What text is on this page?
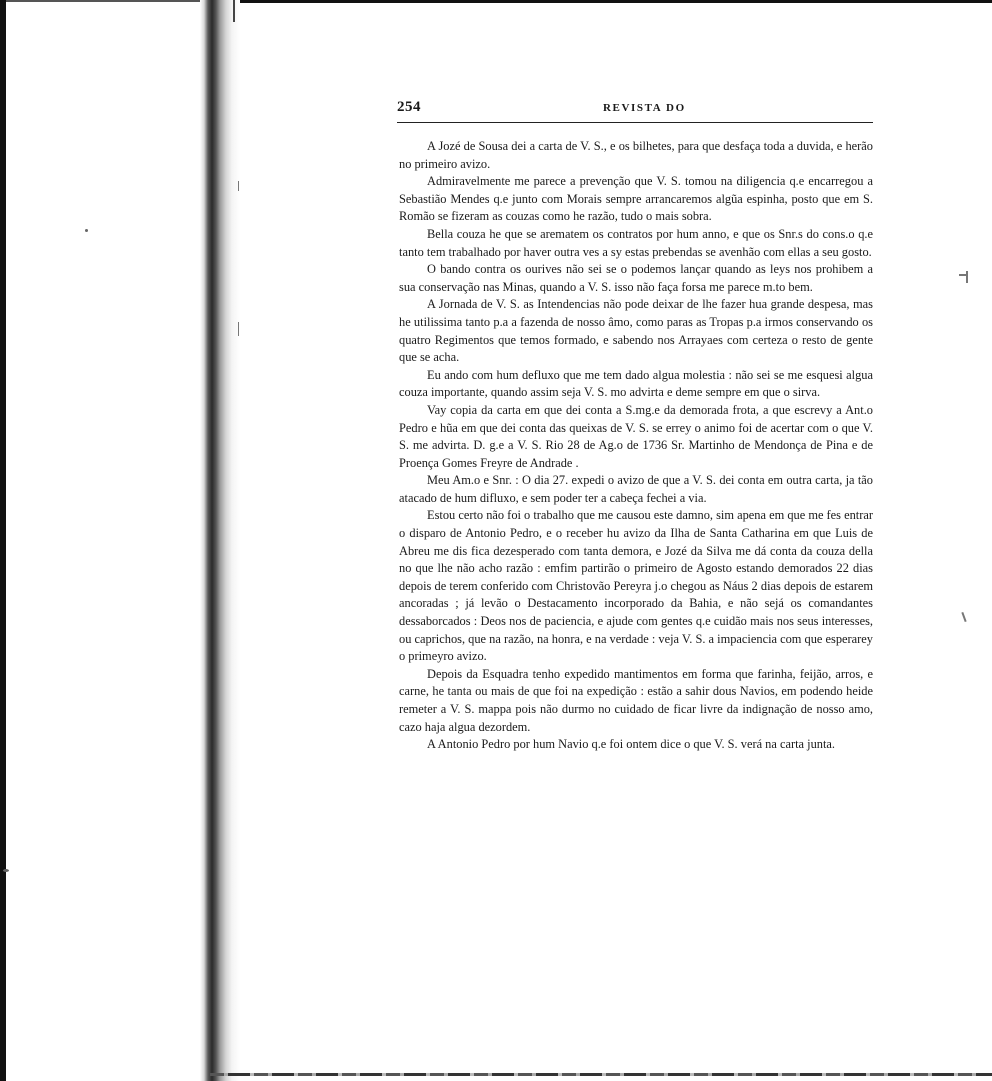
254	REVISTA DO

A Jozé de Sousa dei a carta de V. S., e os bilhetes, para que desfaça toda a duvida, e herão no primeiro avizo.

Admiravelmente me parece a prevenção que V. S. tomou na diligencia q.e encarregou a Sebastião Mendes q.e junto com Morais sempre arrancaremos algũa espinha, posto que em S. Romão se fizeram as couzas como he razão, tudo o mais sobra.

Bella couza he que se arematem os contratos por hum anno, e que os Snr.s do cons.o q.e tanto tem trabalhado por haver outra ves a sy estas prebendas se avenhão com ellas a seu gosto.

O bando contra os ourives não sei se o podemos lançar quando as leys nos prohibem a sua conservação nas Minas, quando a V. S. isso não faça forsa me parece m.to bem.

A Jornada de V. S. as Intendencias não pode deixar de lhe fazer hua grande despesa, mas he utilissima tanto p.a a fazenda de nosso âmo, como paras as Tropas p.a irmos conservando os quatro Regimentos que temos formado, e sabendo nos Arrayaes com certeza o resto de gente que se acha.

Eu ando com hum defluxo que me tem dado algua molestia : não sei se me esquesi algua couza importante, quando assim seja V. S. mo advirta e deme sempre em que o sirva.

Vay copia da carta em que dei conta a S.mg.e da demorada frota, a que escrevy a Ant.o Pedro e hũa em que dei conta das queixas de V. S. se errey o animo foi de acertar com o que V. S. me advirta. D. g.e a V. S. Rio 28 de Ag.o de 1736 Sr. Martinho de Mendonça de Pina e de Proença Gomes Freyre de Andrade .

Meu Am.o e Snr. : O dia 27. expedi o avizo de que a V. S. dei conta em outra carta, ja tão atacado de hum difluxo, e sem poder ter a cabeça fechei a via.

Estou certo não foi o trabalho que me causou este damno, sim apena em que me fes entrar o disparo de Antonio Pedro, e o receber hu avizo da Ilha de Santa Catharina em que Luis de Abreu me dis fica dezesperado com tanta demora, e Jozé da Silva me dá conta da couza della no que lhe não acho razão : emfim partirão o primeiro de Agosto estando demorados 22 dias depois de terem conferido com Christovão Pereyra j.o chegou as Náus 2 dias depois de estarem ancoradas ; já levão o Destacamento incorporado da Bahia, e não sejá os comandantes dessaborcados : Deos nos de paciencia, e ajude com gentes q.e cuidão mais nos seus interesses, ou caprichos, que na razão, na honra, e na verdade : veja V. S. a impaciencia com que esperarey o primeyro avizo.

Depois da Esquadra tenho expedido mantimentos em forma que farinha, feijão, arros, e carne, he tanta ou mais de que foi na expedição : estão a sahir dous Navios, em podendo heide remeter a V. S. mappa pois não durmo no cuidado de ficar livre da indignação de nosso amo, cazo haja algua dezordem.

A Antonio Pedro por hum Navio q.e foi ontem dice o que V. S. verá na carta junta.
